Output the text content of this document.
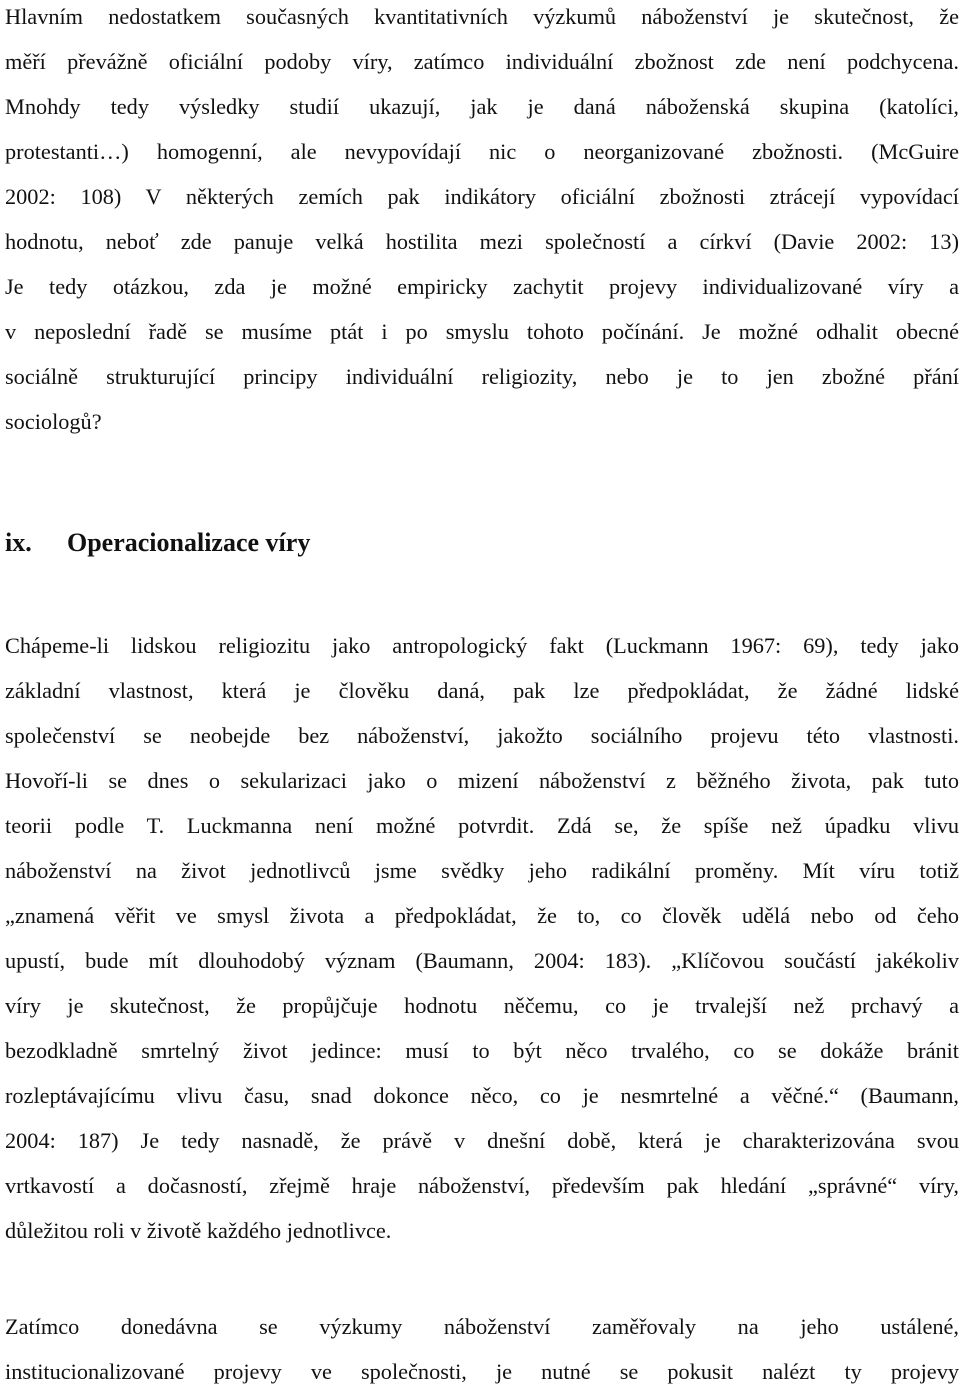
Hlavním nedostatkem současných kvantitativních výzkumů náboženství je skutečnost, že
měří převážně oficiální podoby víry, zatímco individuální zbožnost zde není podchycena.
Mnohdy tedy výsledky studií ukazují, jak je daná náboženská skupina (katolíci,
protestanti…) homogenní, ale nevypovídají nic o neorganizované zbožnosti. (McGuire
2002: 108) V některých zemích pak indikátory oficiální zbožnosti ztrácejí vypovídací
hodnotu, neboť zde panuje velká hostilita mezi společností a církví (Davie 2002: 13)
Je tedy otázkou, zda je možné empiricky zachytit projevy individualizované víry a
v neposlední řadě se musíme ptát i po smyslu tohoto počínání. Je možné odhalit obecné
sociálně strukturující principy individuální religiozity, nebo je to jen zbožné přání
sociologů?
ix. Operacionalizace víry
Chápeme-li lidskou religiozitu jako antropologický fakt (Luckmann 1967: 69), tedy jako
základní vlastnost, která je člověku daná, pak lze předpokládat, že žádné lidské
společenství se neobejde bez náboženství, jakožto sociálního projevu této vlastnosti.
Hovoří-li se dnes o sekularizaci jako o mizení náboženství z běžného života, pak tuto
teorii podle T. Luckmanna není možné potvrdit. Zdá se, že spíše než úpadku vlivu
náboženství na život jednotlivců jsme svědky jeho radikální proměny. Mít víru totiž
„znamená věřit ve smysl života a předpokládat, že to, co člověk udělá nebo od čeho
upustí, bude mít dlouhodobý význam (Baumann, 2004: 183). „Klíčovou součástí jakékoliv
víry je skutečnost, že propůjčuje hodnotu něčemu, co je trvalejší než prchavý a
bezodkladně smrtelný život jedince: musí to být něco trvalého, co se dokáže bránit
rozleptávajícímu vlivu času, snad dokonce něco, co je nesmrtelné a věčné.“ (Baumann,
2004: 187) Je tedy nasnadě, že právě v dnešní době, která je charakterizována svou
vrtkavostí a dočasností, zřejmě hraje náboženství, především pak hledání „správné“ víry,
důležitou roli v životě každého jednotlivce.
Zatímco donedávna se výzkumy náboženství zaměřovaly na jeho ustálené,
institucionalizované projevy ve společnosti, je nutné se pokusit nalézt ty projevy
